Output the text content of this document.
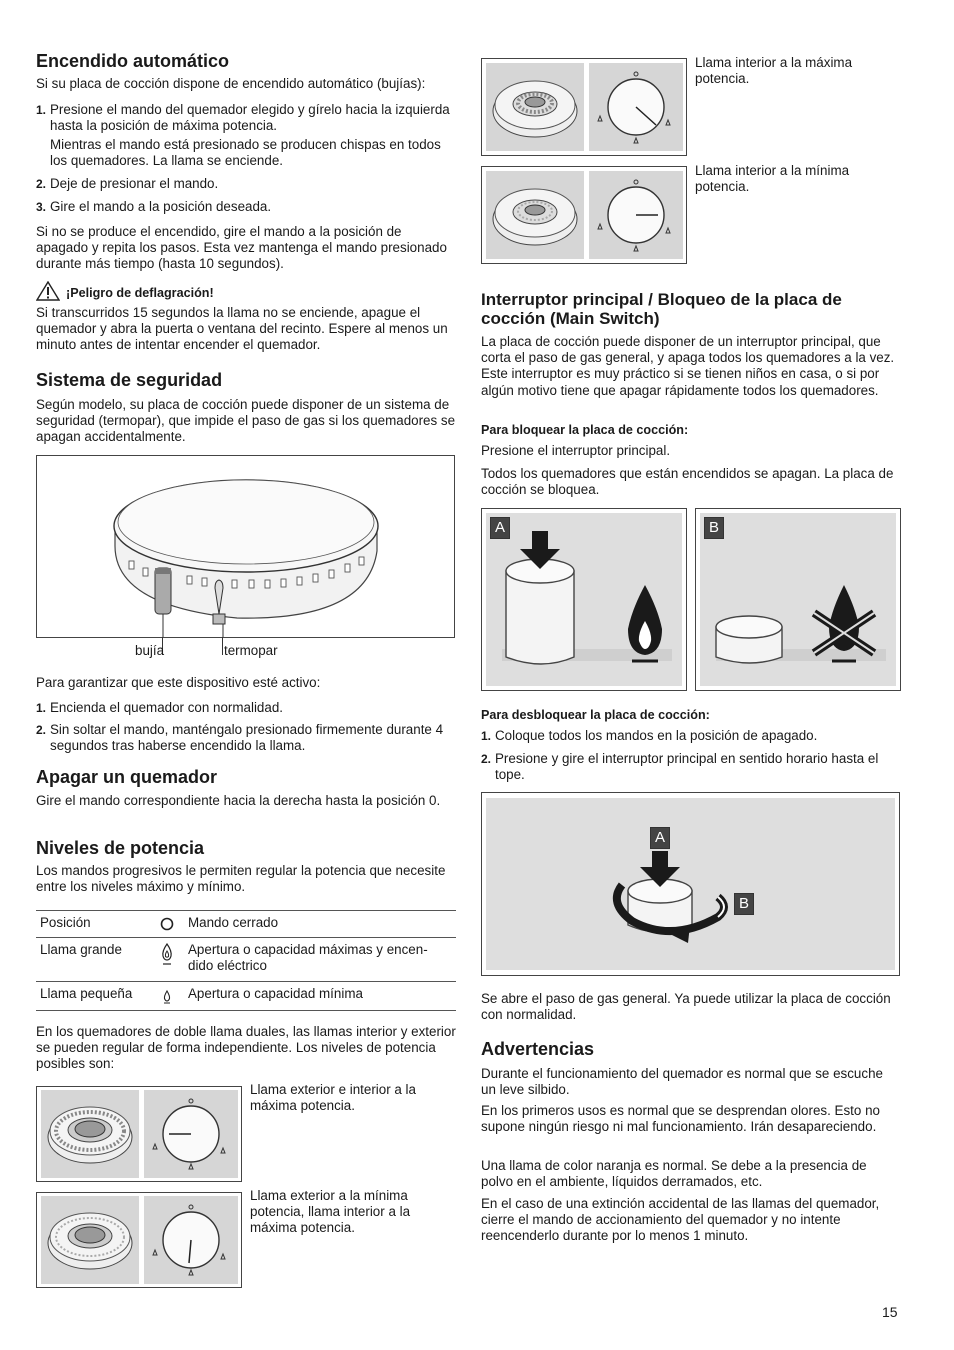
Encendido automático

Si su placa de cocción dispone de encendido automático (bujías):

1. Presione el mando del quemador elegido y gírelo hacia la izquierda hasta la posición de máxima potencia.
Mientras el mando está presionado se producen chispas en todos los quemadores. La llama se enciende.
2. Deje de presionar el mando.
3. Gire el mando a la posición deseada.

Si no se produce el encendido, gire el mando a la posición de apagado y repita los pasos. Esta vez mantenga el mando presionado durante más tiempo (hasta 10 segundos).

¡Peligro de deflagración!

Si transcurridos 15 segundos la llama no se enciende, apague el quemador y abra la puerta o ventana del recinto. Espere al menos un minuto antes de intentar encender el quemador.

Sistema de seguridad

Según modelo, su placa de cocción puede disponer de un sistema de seguridad (termopar), que impide el paso de gas si los quemadores se apagan accidentalmente.

bujía	termopar

Para garantizar que este dispositivo esté activo:

1. Encienda el quemador con normalidad.
2. Sin soltar el mando, manténgalo presionado firmemente durante 4 segundos tras haberse encendido la llama.
Apagar un quemador

Gire el mando correspondiente hacia la derecha hasta la posición 0.

Niveles de potencia

Los mandos progresivos le permiten regular la potencia que necesite entre los niveles máximo y mínimo.

Posición		Mando cerrado
Llama grande		Apertura o capacidad máximas y encen-dido eléctrico
Llama pequeña		Apertura o capacidad mínima

En los quemadores de doble llama duales, las llamas interior y exterior se pueden regular de forma independiente. Los niveles de potencia posibles son:

Llama exterior e interior a la máxima potencia.

Llama exterior a la mínima potencia, llama interior a la máxima potencia.

Llama interior a la máxima potencia.

Llama interior a la mínima potencia.

Interruptor principal / Bloqueo de la placa de cocción (Main Switch)

La placa de cocción puede disponer de un interruptor principal, que corta el paso de gas general, y apaga todos los quemadores a la vez. Este interruptor es muy práctico si se tienen niños en casa, o si por algún motivo tiene que apagar rápidamente todos los quemadores.

Para bloquear la placa de cocción:

Presione el interruptor principal.

Todos los quemadores que están encendidos se apagan. La placa de cocción se bloquea.

A	B

Para desbloquear la placa de cocción:

1. Coloque todos los mandos en la posición de apagado.
2. Presione y gire el interruptor principal en sentido horario hasta el tope.
A
B

Se abre el paso de gas general. Ya puede utilizar la placa de cocción con normalidad.

Advertencias

Durante el funcionamiento del quemador es normal que se escuche un leve silbido.

En los primeros usos es normal que se desprendan olores. Esto no supone ningún riesgo ni mal funcionamiento. Irán desapareciendo.

Una llama de color naranja es normal. Se debe a la presencia de polvo en el ambiente, líquidos derramados, etc.

En el caso de una extinción accidental de las llamas del quemador, cierre el mando de accionamiento del quemador y no intente reencenderlo durante por lo menos 1 minuto.

15
